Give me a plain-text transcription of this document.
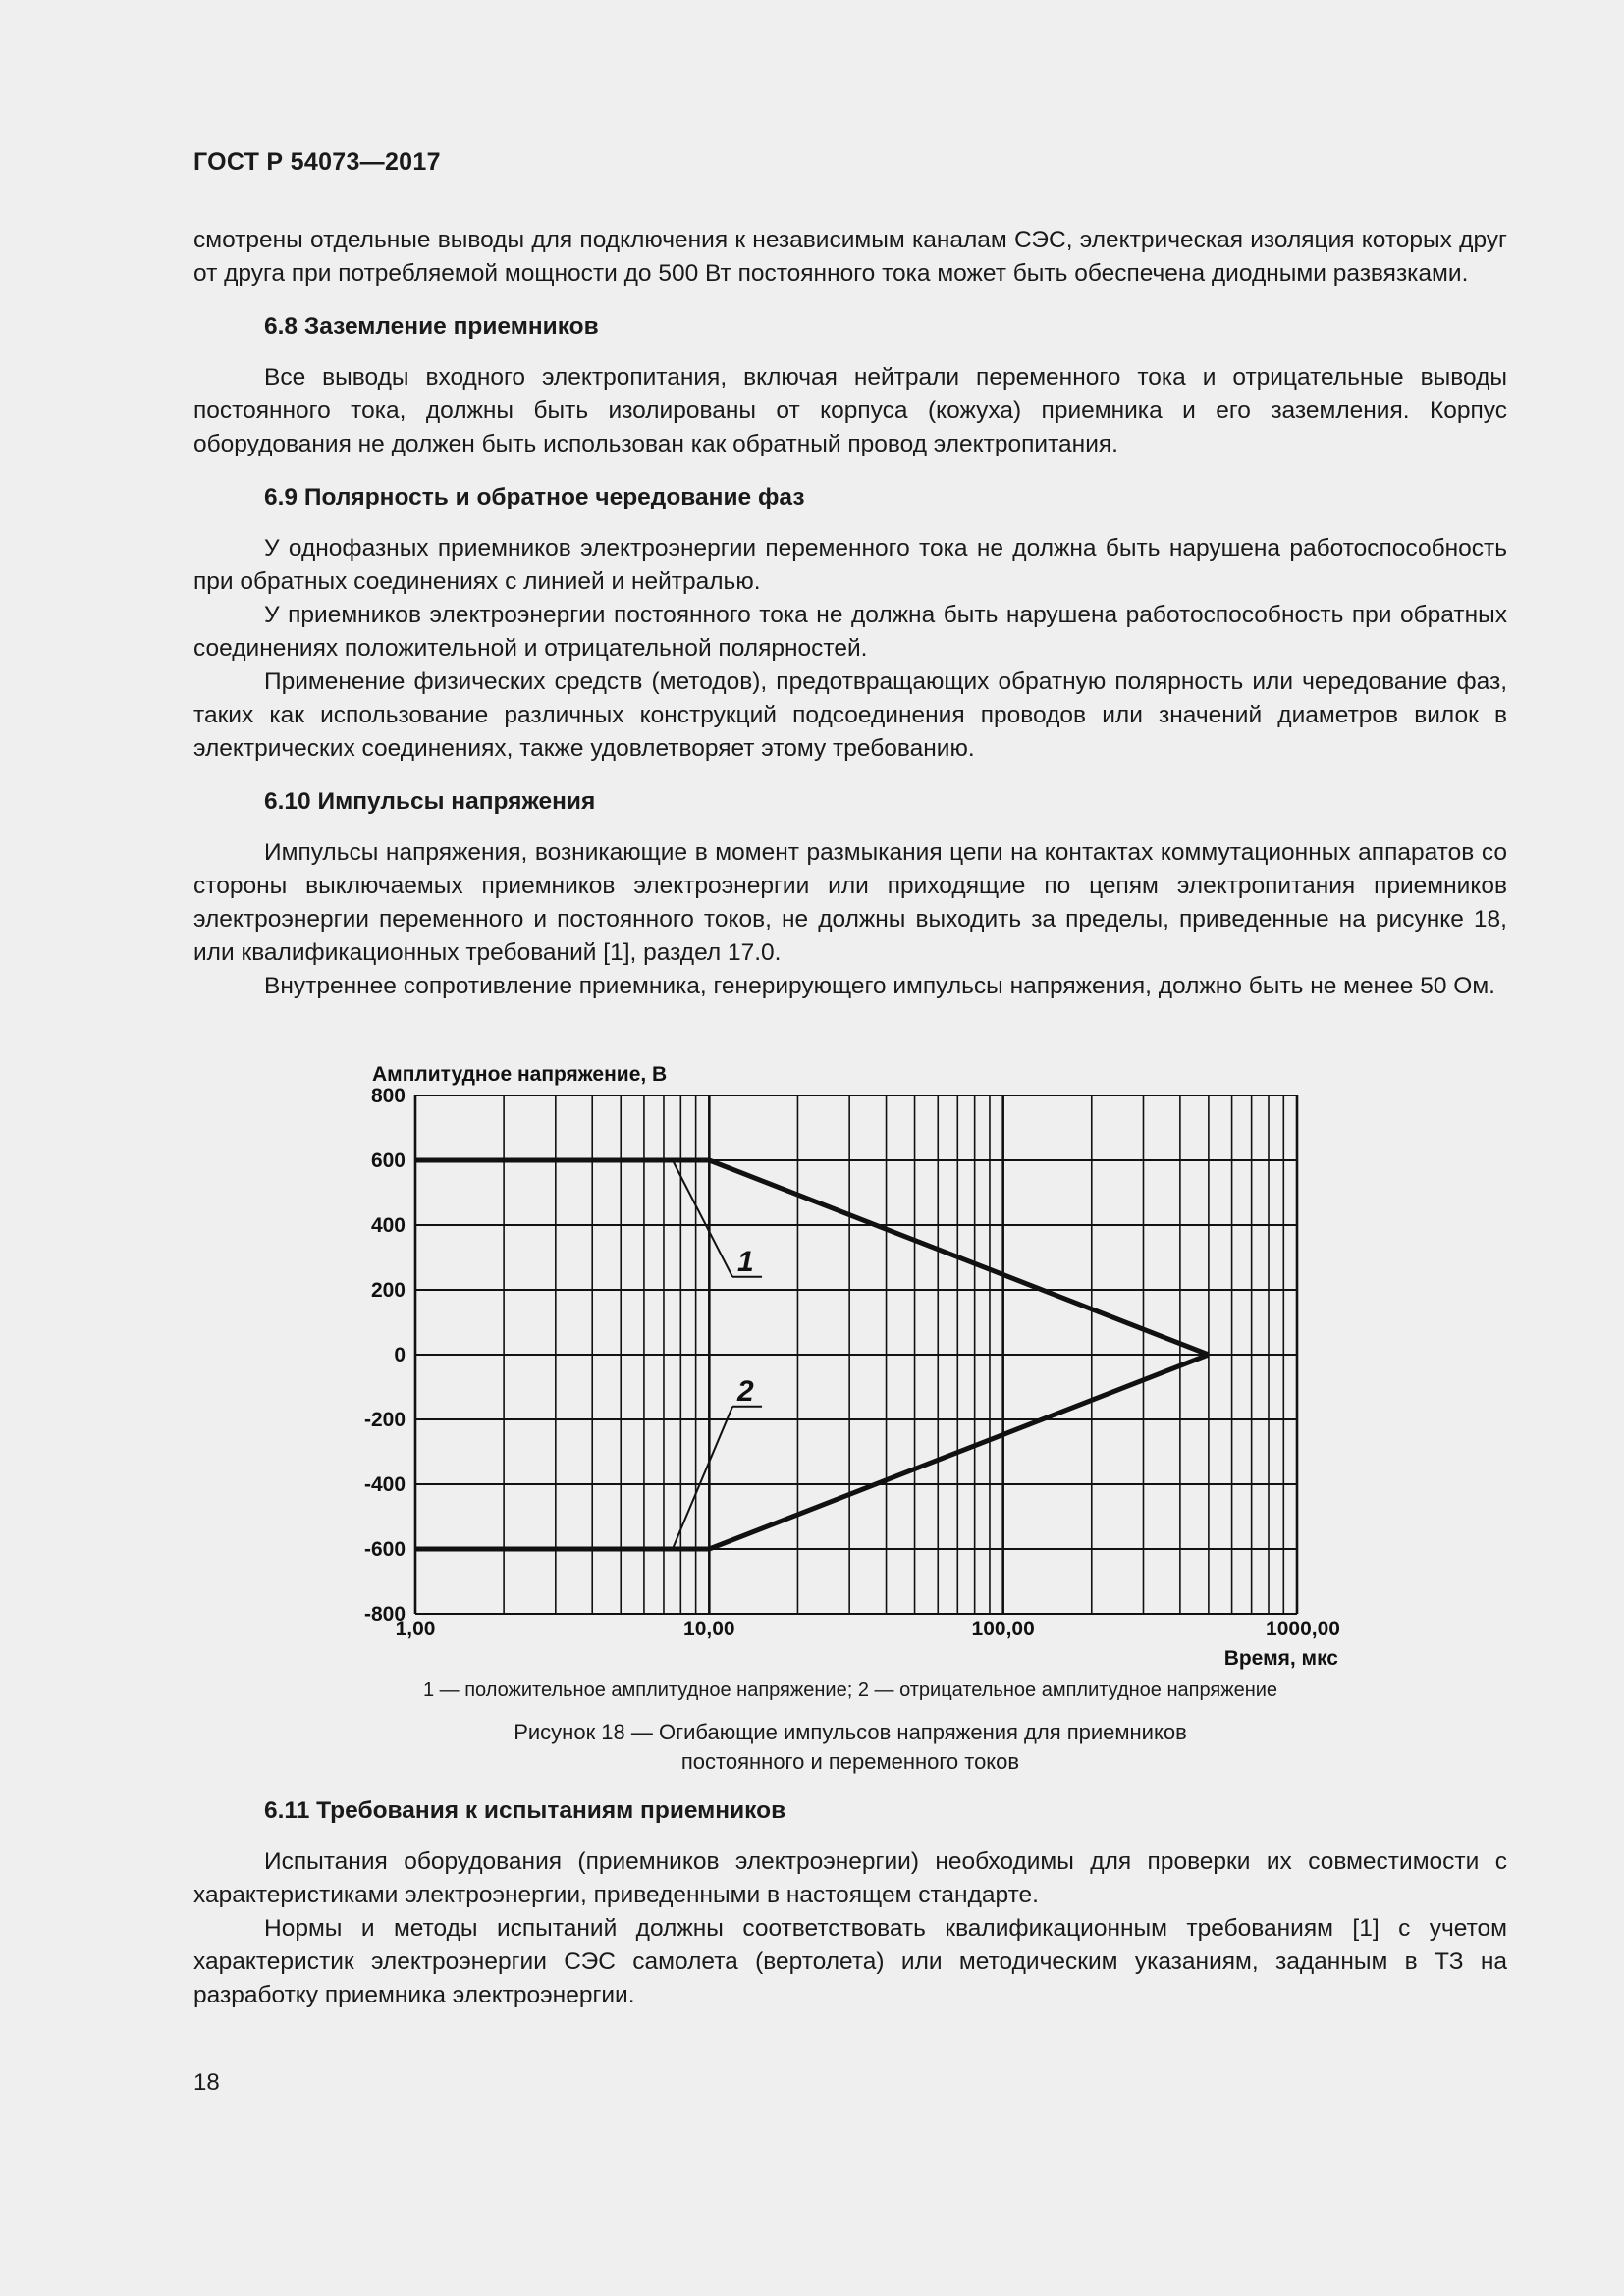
ГОСТ Р 54073—2017

смотрены отдельные выводы для подключения к независимым каналам СЭС, электрическая изоляция которых друг от друга при потребляемой мощности до 500 Вт постоянного тока может быть обеспечена диодными развязками.

6.8 Заземление приемников

Все выводы входного электропитания, включая нейтрали переменного тока и отрицательные выводы постоянного тока, должны быть изолированы от корпуса (кожуха) приемника и его заземления. Корпус оборудования не должен быть использован как обратный провод электропитания.

6.9 Полярность и обратное чередование фаз

У однофазных приемников электроэнергии переменного тока не должна быть нарушена работоспособность при обратных соединениях с линией и нейтралью.

У приемников электроэнергии постоянного тока не должна быть нарушена работоспособность при обратных соединениях положительной и отрицательной полярностей.

Применение физических средств (методов), предотвращающих обратную полярность или чередование фаз, таких как использование различных конструкций подсоединения проводов или значений диаметров вилок в электрических соединениях, также удовлетворяет этому требованию.

6.10 Импульсы напряжения

Импульсы напряжения, возникающие в момент размыкания цепи на контактах коммутационных аппаратов со стороны выключаемых приемников электроэнергии или приходящие по цепям электропитания приемников электроэнергии переменного и постоянного токов, не должны выходить за пределы, приведенные на рисунке 18, или квалификационных требований [1], раздел 17.0.

Внутреннее сопротивление приемника, генерирующего импульсы напряжения, должно быть не менее 50 Ом.

Амплитудное напряжение, В
Время, мкс
800
600
400
200
0
-200
-400
-600
-800
1,00	10,00	100,00	1000,00
1
2
1 — положительное амплитудное напряжение; 2 — отрицательное амплитудное напряжение
Рисунок 18 — Огибающие импульсов напряжения для приемников
постоянного и переменного токов
6.11 Требования к испытаниям приемников

Испытания оборудования (приемников электроэнергии) необходимы для проверки их совместимости с характеристиками электроэнергии, приведенными в настоящем стандарте.

Нормы и методы испытаний должны соответствовать квалификационным требованиям [1] с учетом характеристик электроэнергии СЭС самолета (вертолета) или методическим указаниям, заданным в ТЗ на разработку приемника электроэнергии.

18
